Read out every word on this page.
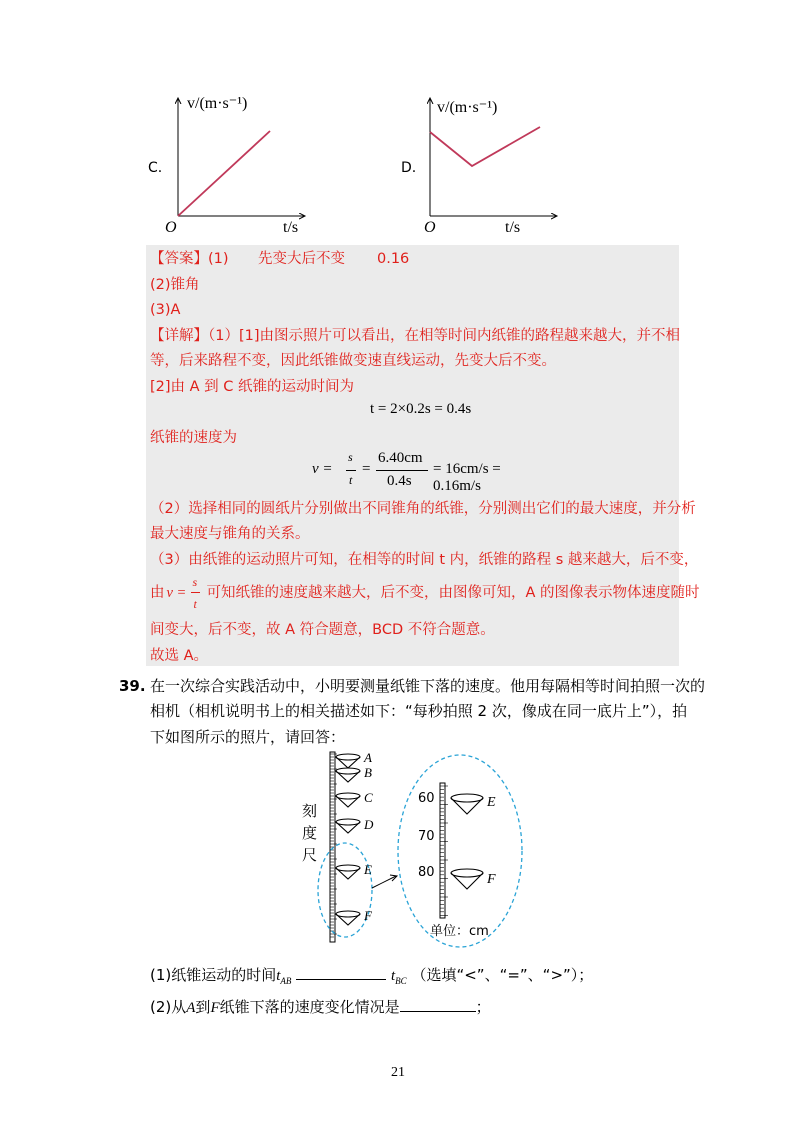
C.
v/(m·s⁻¹)
t/s
O
D.
v/(m·s⁻¹)
t/s
O
【答案】(1) 先变大后不变 0.16
(2)锥角
(3)A
【详解】（1）[1]由图示照片可以看出，在相等时间内纸锥的路程越来越大，并不相
等，后来路程不变，因此纸锥做变速直线运动，先变大后不变。
[2]由 A 到 C 纸锥的运动时间为
t = 2×0.2s = 0.4s
纸锥的速度为
v =
s
t
=
6.40cm
0.4s
= 16cm/s = 0.16m/s
（2）选择相同的圆纸片分别做出不同锥角的纸锥，分别测出它们的最大速度，并分析
最大速度与锥角的关系。
（3）由纸锥的运动照片可知，在相等的时间 t 内，纸锥的路程 s 越来越大，后不变，
由 v =
s
t
可知纸锥的速度越来越大，后不变，由图像可知，A 的图像表示物体速度随时
间变大，后不变，故 A 符合题意，BCD 不符合题意。
故选 A。
39. 在一次综合实践活动中，小明要测量纸锥下落的速度。他用每隔相等时间拍照一次的
相机（相机说明书上的相关描述如下：“每秒拍照 2 次，像成在同一底片上”），拍
下如图所示的照片，请回答：
A
B
C
D
E
F
刻
度
尺
60
70
80
E
F
单位：cm
(1)纸锥运动的时间$t_{AB}$	$t_{BC}$ （选填“<”、“=”、“>”）；
(2)从A到F纸锥下落的速度变化情况是	；
21
